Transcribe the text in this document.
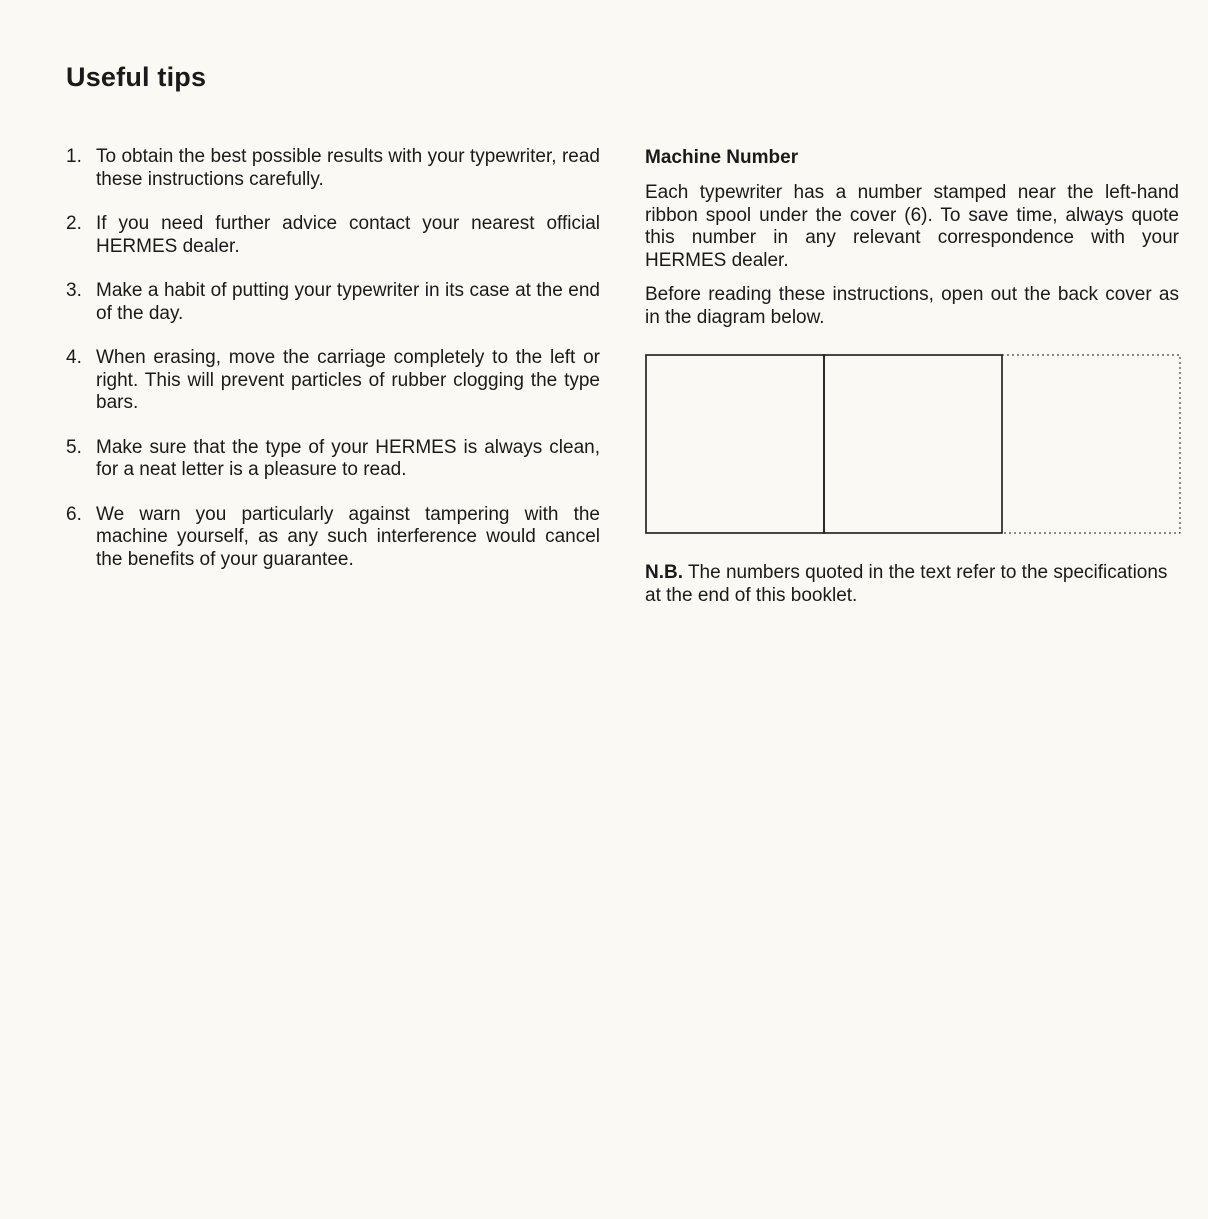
Useful tips
1. To obtain the best possible results with your typewriter, read these instructions carefully.
2. If you need further advice contact your nearest official HERMES dealer.
3. Make a habit of putting your typewriter in its case at the end of the day.
4. When erasing, move the carriage completely to the left or right. This will prevent particles of rubber clogging the type bars.
5. Make sure that the type of your HERMES is always clean, for a neat letter is a pleasure to read.
6. We warn you particularly against tampering with the machine yourself, as any such interference would cancel the benefits of your guarantee.
Machine Number

Each typewriter has a number stamped near the left-hand ribbon spool under the cover (6). To save time, always quote this number in any relevant correspondence with your HERMES dealer.

Before reading these instructions, open out the back cover as in the diagram below.

N.B. The numbers quoted in the text refer to the specifications at the end of this booklet.
